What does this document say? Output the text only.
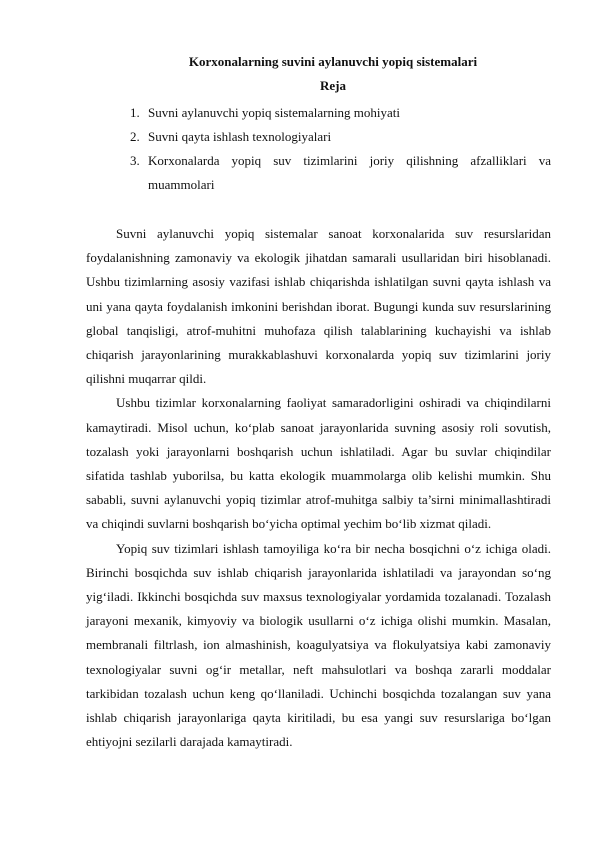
Korxonalarning suvini aylanuvchi yopiq sistemalari
Reja
1. Suvni aylanuvchi yopiq sistemalarning mohiyati
2. Suvni qayta ishlash texnologiyalari
3. Korxonalarda yopiq suv tizimlarini joriy qilishning afzalliklari va muammolari

Suvni aylanuvchi yopiq sistemalar sanoat korxonalarida suv resurslaridan foydalanishning zamonaviy va ekologik jihatdan samarali usullaridan biri hisoblanadi. Ushbu tizimlarning asosiy vazifasi ishlab chiqarishda ishlatilgan suvni qayta ishlash va uni yana qayta foydalanish imkonini berishdan iborat. Bugungi kunda suv resurslarining global tanqisligi, atrof-muhitni muhofaza qilish talablarining kuchayishi va ishlab chiqarish jarayonlarining murakkablashuvi korxonalarda yopiq suv tizimlarini joriy qilishni muqarrar qildi.

Ushbu tizimlar korxonalarning faoliyat samaradorligini oshiradi va chiqindilarni kamaytiradi. Misol uchun, ko‘plab sanoat jarayonlarida suvning asosiy roli sovutish, tozalash yoki jarayonlarni boshqarish uchun ishlatiladi. Agar bu suvlar chiqindilar sifatida tashlab yuborilsa, bu katta ekologik muammolarga olib kelishi mumkin. Shu sababli, suvni aylanuvchi yopiq tizimlar atrof-muhitga salbiy ta’sirni minimallashtiradi va chiqindi suvlarni boshqarish bo‘yicha optimal yechim bo‘lib xizmat qiladi.

Yopiq suv tizimlari ishlash tamoyiliga ko‘ra bir necha bosqichni o‘z ichiga oladi. Birinchi bosqichda suv ishlab chiqarish jarayonlarida ishlatiladi va jarayondan so‘ng yig‘iladi. Ikkinchi bosqichda suv maxsus texnologiyalar yordamida tozalanadi. Tozalash jarayoni mexanik, kimyoviy va biologik usullarni o‘z ichiga olishi mumkin. Masalan, membranali filtrlash, ion almashinish, koagulyatsiya va flokulyatsiya kabi zamonaviy texnologiyalar suvni og‘ir metallar, neft mahsulotlari va boshqa zararli moddalar tarkibidan tozalash uchun keng qo‘llaniladi. Uchinchi bosqichda tozalangan suv yana ishlab chiqarish jarayonlariga qayta kiritiladi, bu esa yangi suv resurslariga bo‘lgan ehtiyojni sezilarli darajada kamaytiradi.
